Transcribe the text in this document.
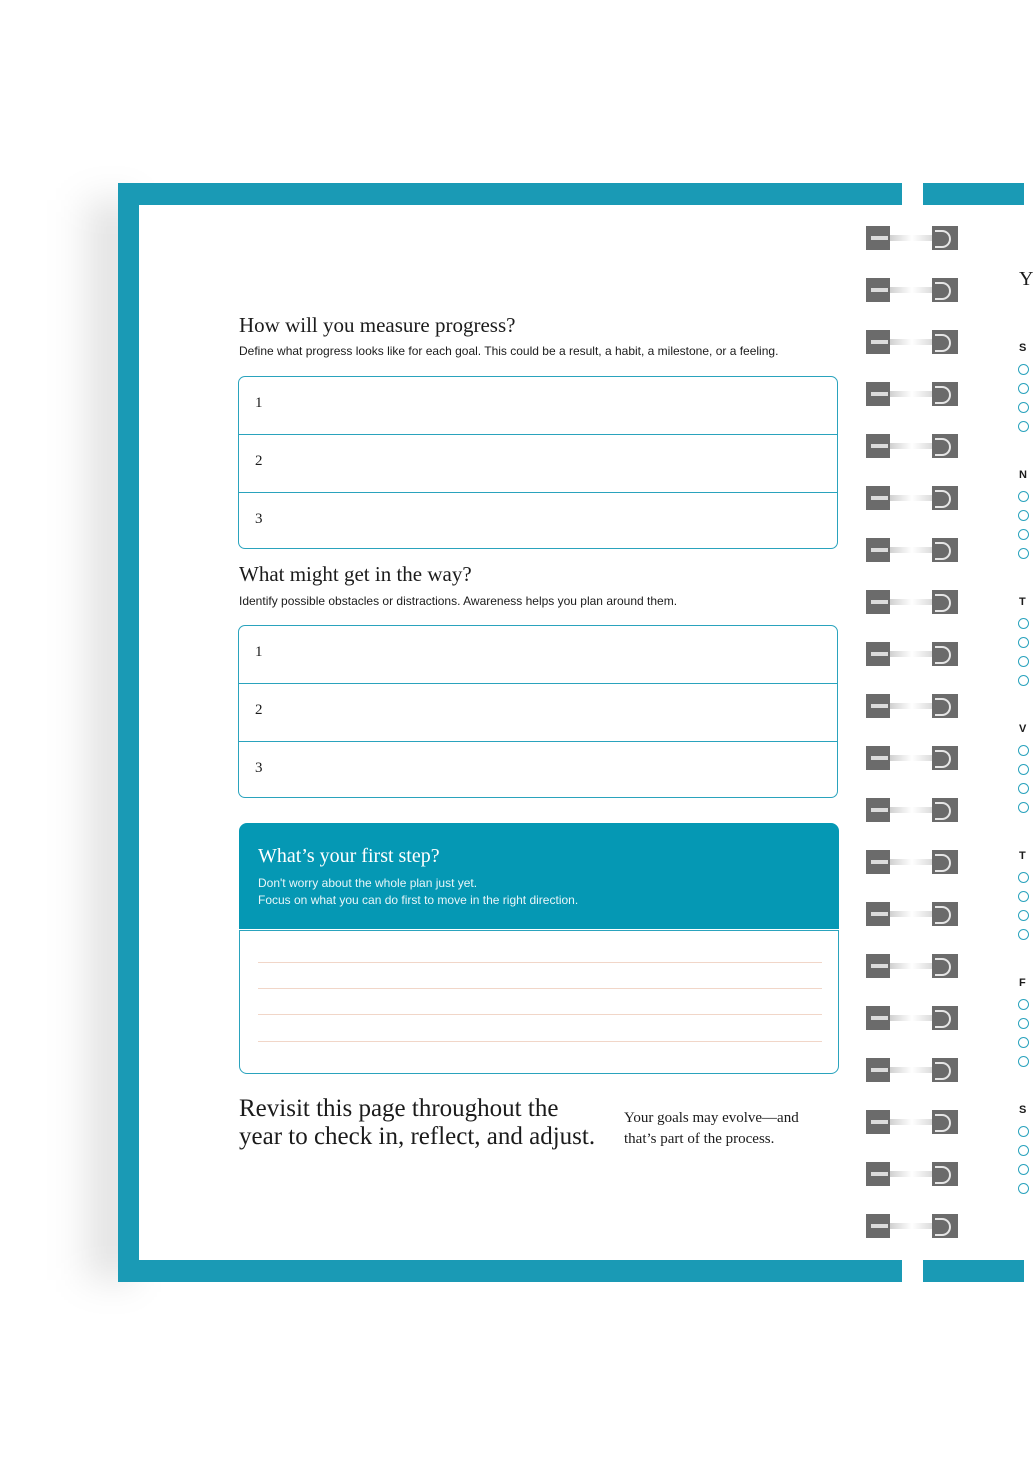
How will you measure progress?
Define what progress looks like for each goal. This could be a result, a habit, a milestone, or a feeling.
1
2
3
What might get in the way?
Identify possible obstacles or distractions. Awareness helps you plan around them.
1
2
3
What’s your first step?
Don't worry about the whole plan just yet.
Focus on what you can do first to move in the right direction.
Revisit this page throughout the
year to check in, reflect, and adjust.
Your goals may evolve—and
that’s part of the process.
Y
S
N
T
V
T
F
S
